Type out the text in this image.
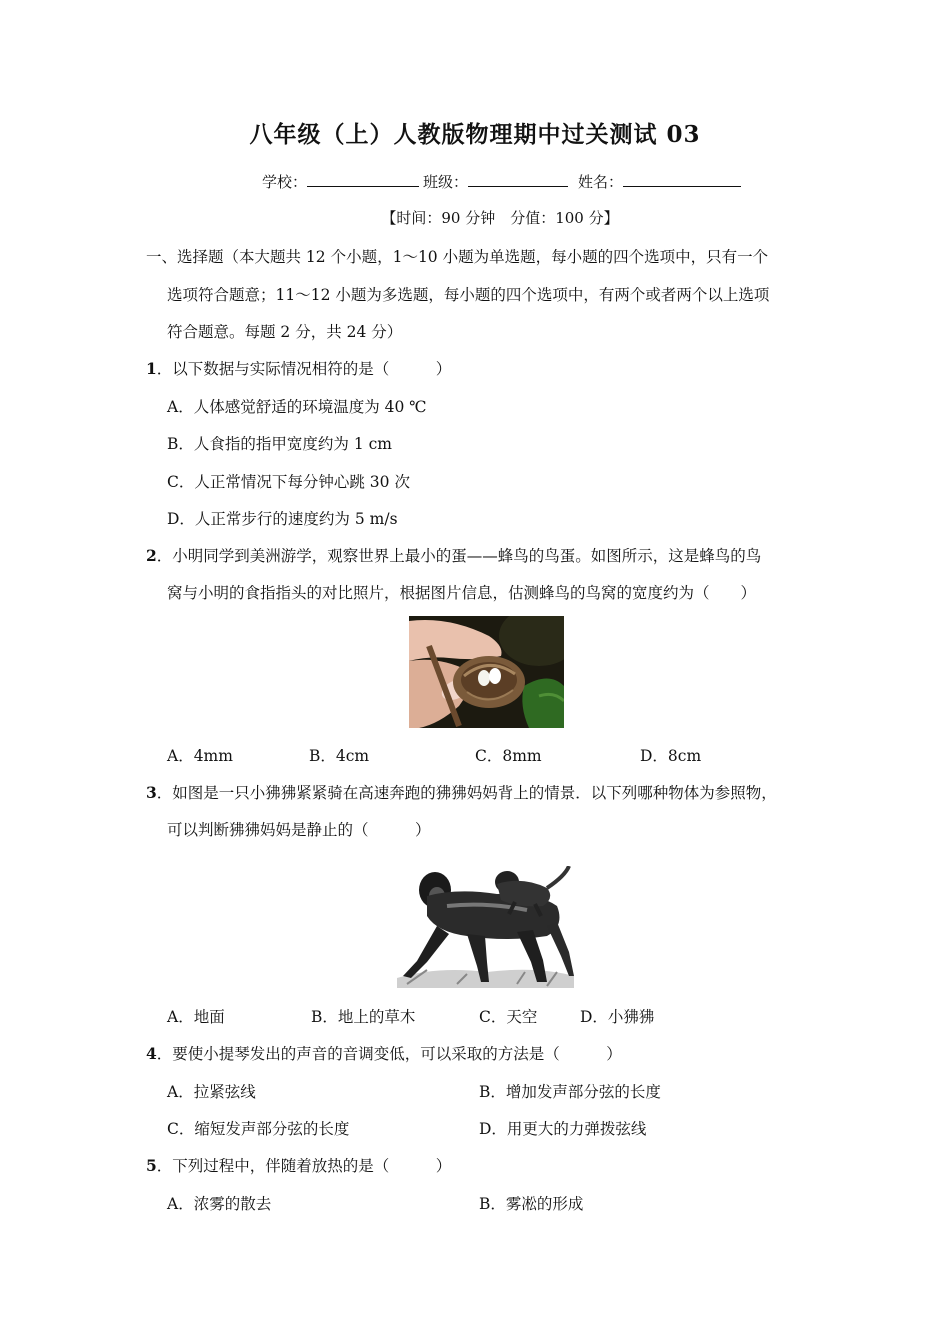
八年级（上）人教版物理期中过关测试 03
学校：	班级：	姓名：
【时间：90 分钟　分值：100 分】
一、选择题（本大题共 12 个小题，1～10 小题为单选题，每小题的四个选项中，只有一个
选项符合题意；11～12 小题为多选题，每小题的四个选项中，有两个或者两个以上选项
符合题意。每题 2 分，共 24 分）
1．以下数据与实际情况相符的是（　　　）
A．人体感觉舒适的环境温度为 40 ℃
B．人食指的指甲宽度约为 1 cm
C．人正常情况下每分钟心跳 30 次
D．人正常步行的速度约为 5 m/s
2．小明同学到美洲游学，观察世界上最小的蛋——蜂鸟的鸟蛋。如图所示，这是蜂鸟的鸟
窝与小明的食指指头的对比照片，根据图片信息，估测蜂鸟的鸟窝的宽度约为（　　）
A．4mm	B．4cm	C．8mm	D．8cm
3．如图是一只小狒狒紧紧骑在高速奔跑的狒狒妈妈背上的情景．以下列哪种物体为参照物，
可以判断狒狒妈妈是静止的（　　　）
A．地面	B．地上的草木	C．天空	D．小狒狒
4．要使小提琴发出的声音的音调变低，可以采取的方法是（　　　）
A．拉紧弦线	B．增加发声部分弦的长度
C．缩短发声部分弦的长度	D．用更大的力弹拨弦线
5．下列过程中，伴随着放热的是（　　　）
A．浓雾的散去	B．雾凇的形成
